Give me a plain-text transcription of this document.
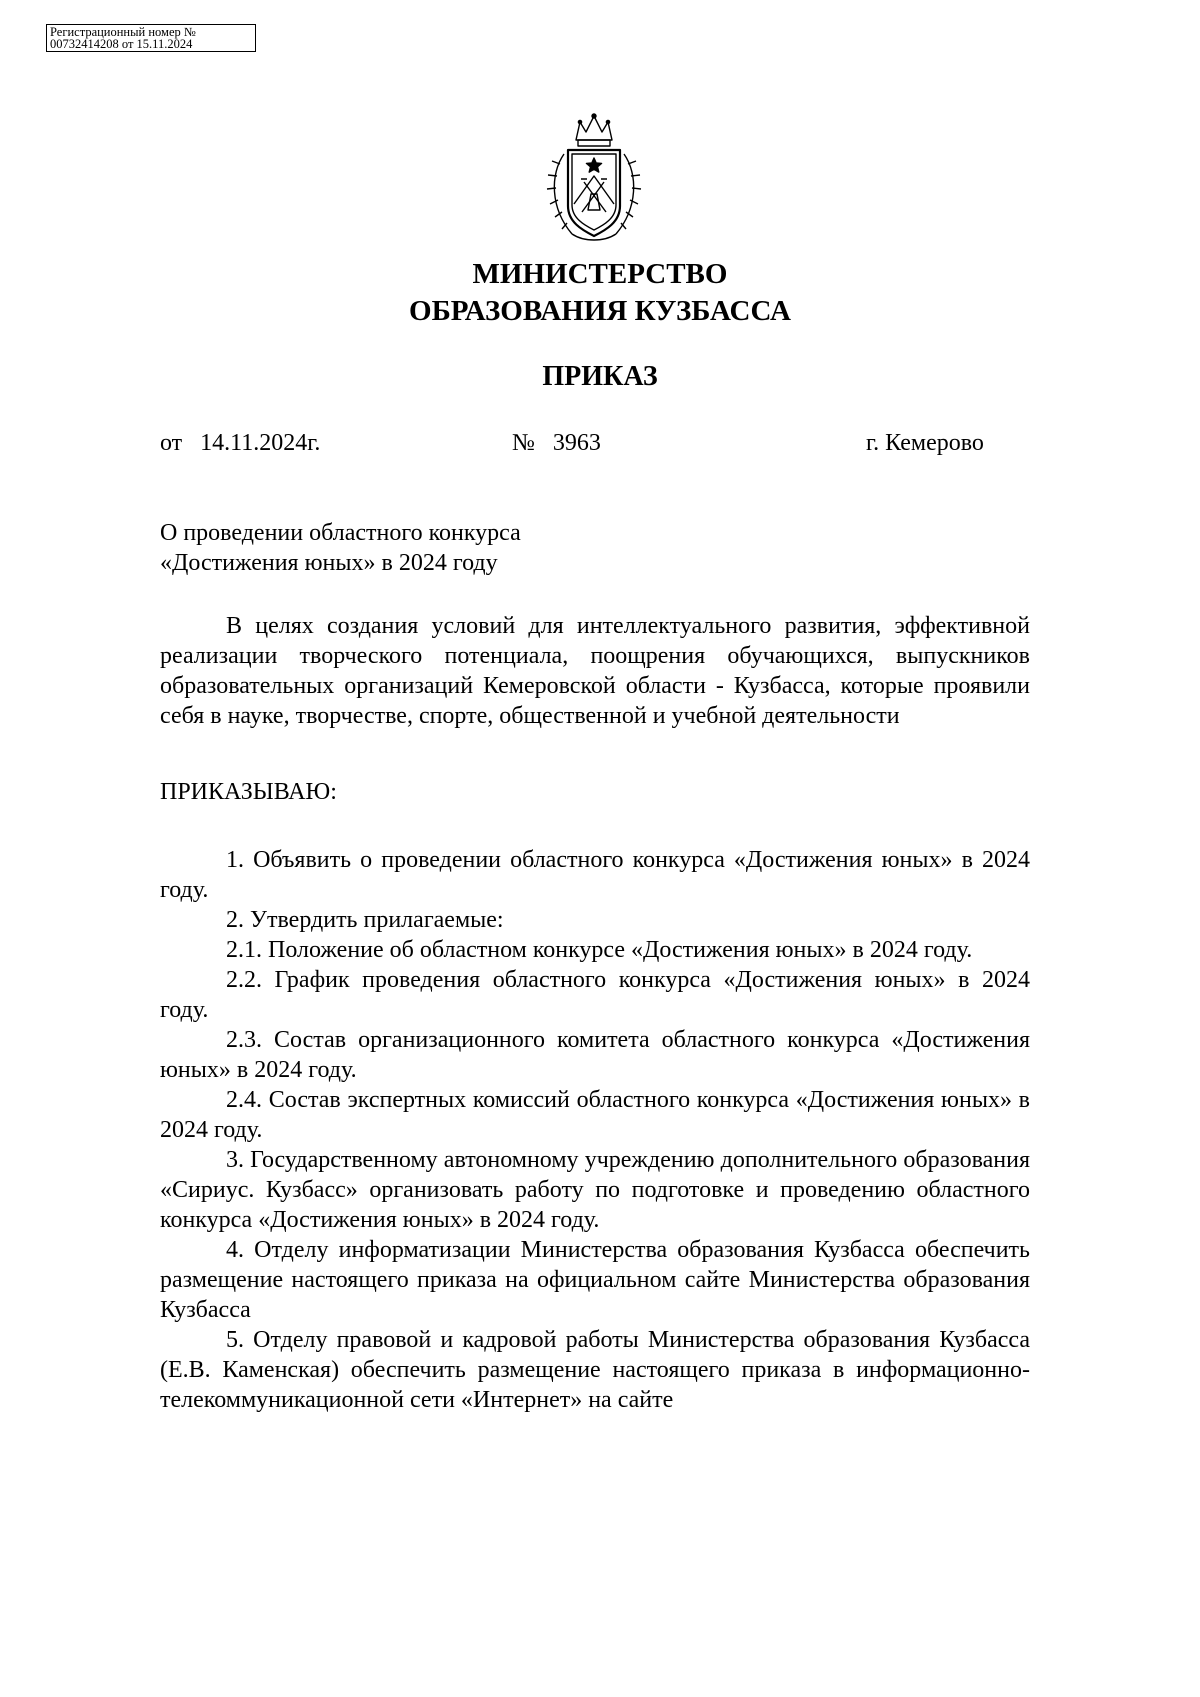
Регистрационный номер №
00732414208 от 15.11.2024
МИНИСТЕРСТВО
ОБРАЗОВАНИЯ КУЗБАССА
ПРИКАЗ
от   14.11.2024г.	№   3963	г. Кемерово
О проведении областного конкурса
«Достижения юных» в 2024 году

В целях создания условий для интеллектуального развития, эффективной реализации творческого потенциала, поощрения обучающихся, выпускников образовательных организаций Кемеровской области - Кузбасса, которые проявили себя в науке, творчестве, спорте, общественной и учебной деятельности

ПРИКАЗЫВАЮ:

1. Объявить о проведении областного конкурса «Достижения юных» в 2024 году.

2. Утвердить прилагаемые:

2.1. Положение об областном конкурсе «Достижения юных» в 2024 году.

2.2. График проведения областного конкурса «Достижения юных» в 2024 году.

2.3. Состав организационного комитета областного конкурса «Достижения юных» в 2024 году.

2.4. Состав экспертных комиссий областного конкурса «Достижения юных» в 2024 году.

3. Государственному автономному учреждению дополнительного образования «Сириус. Кузбасс» организовать работу по подготовке и проведению областного конкурса «Достижения юных» в 2024 году.

4. Отделу информатизации Министерства образования Кузбасса обеспечить размещение настоящего приказа на официальном сайте Министерства образования Кузбасса

5. Отделу правовой и кадровой работы Министерства образования Кузбасса (Е.В. Каменская) обеспечить размещение настоящего приказа в информационно-телекоммуникационной сети «Интернет» на сайте
